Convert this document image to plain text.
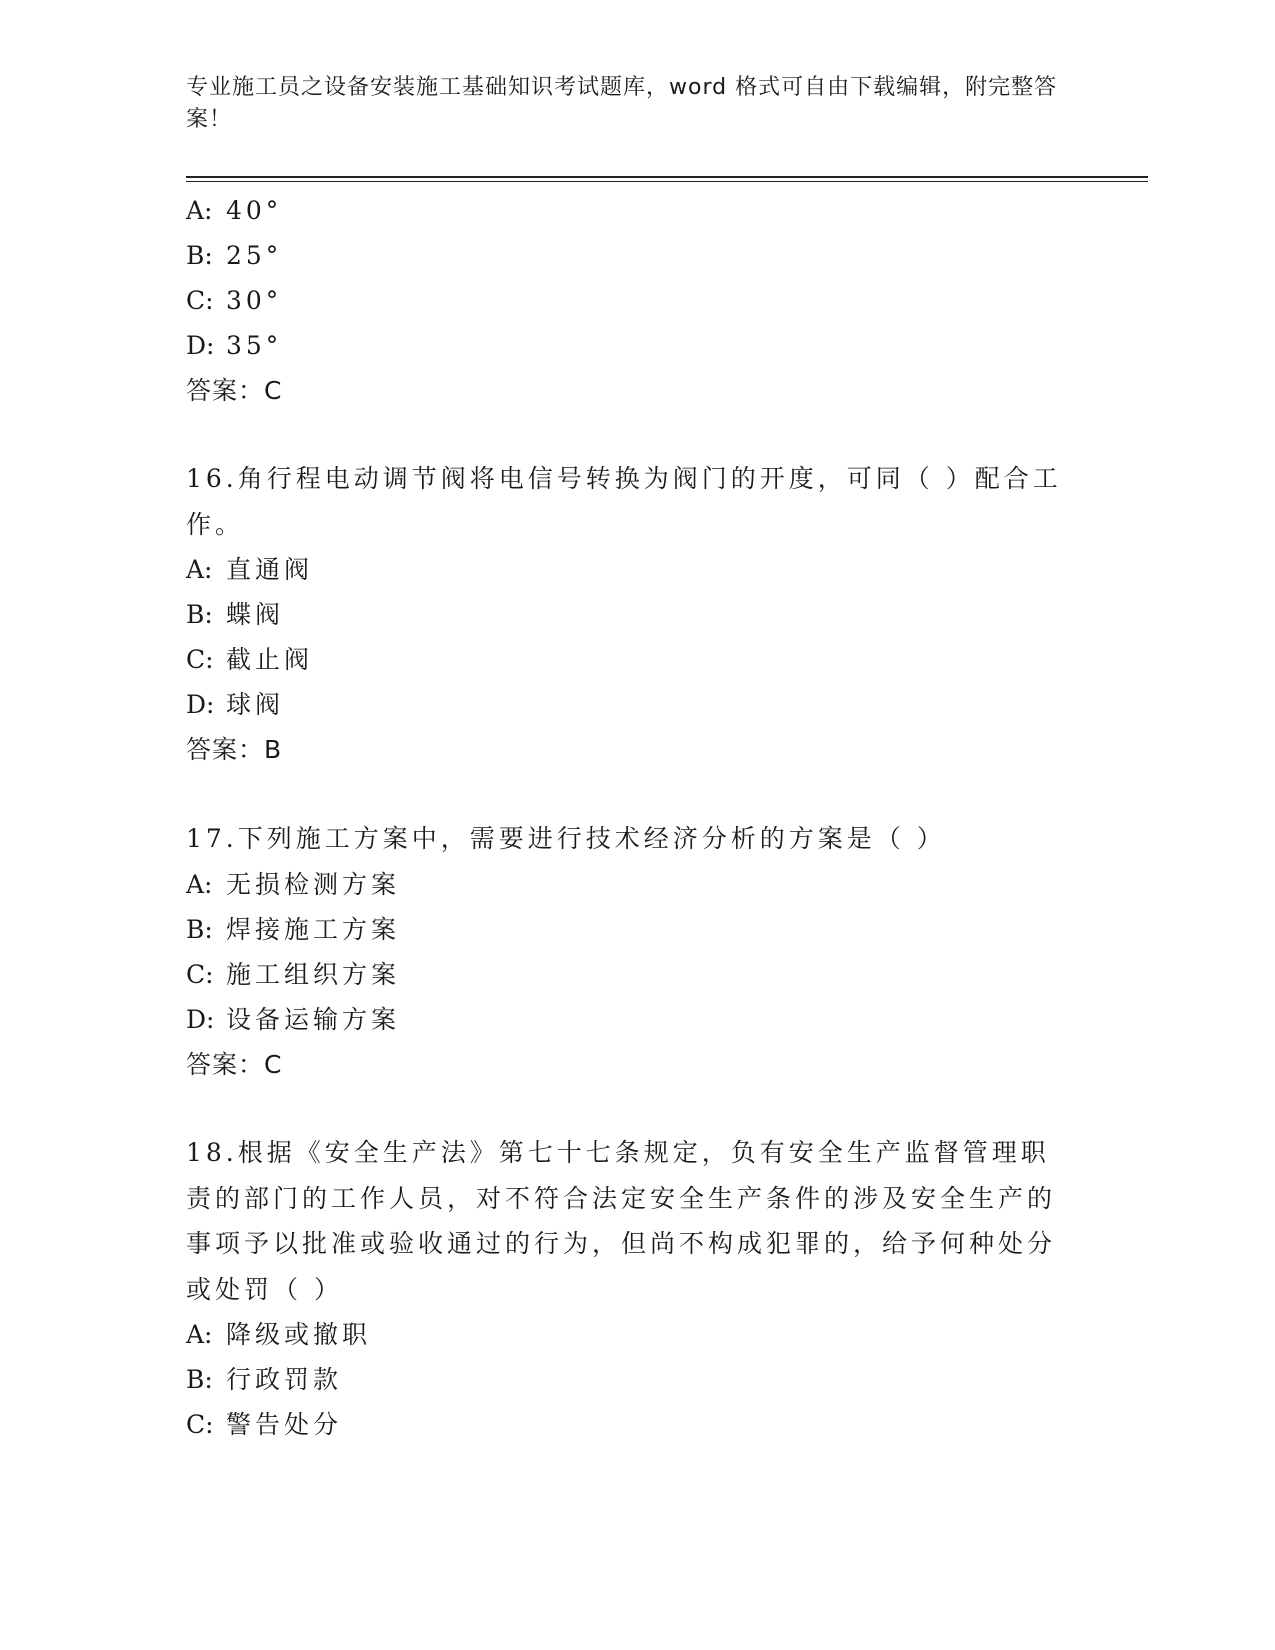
专业施工员之设备安装施工基础知识考试题库，word 格式可自由下载编辑，附完整答案！
A: 40°
B: 25°
C: 30°
D: 35°
答案：C
16.角行程电动调节阀将电信号转换为阀门的开度，可同（ ）配合工作。
A: 直通阀
B: 蝶阀
C: 截止阀
D: 球阀
答案：B
17.下列施工方案中，需要进行技术经济分析的方案是（ ）
A: 无损检测方案
B: 焊接施工方案
C: 施工组织方案
D: 设备运输方案
答案：C
18.根据《安全生产法》第七十七条规定，负有安全生产监督管理职责的部门的工作人员，对不符合法定安全生产条件的涉及安全生产的事项予以批准或验收通过的行为，但尚不构成犯罪的，给予何种处分或处罚（ ）
A: 降级或撤职
B: 行政罚款
C: 警告处分
